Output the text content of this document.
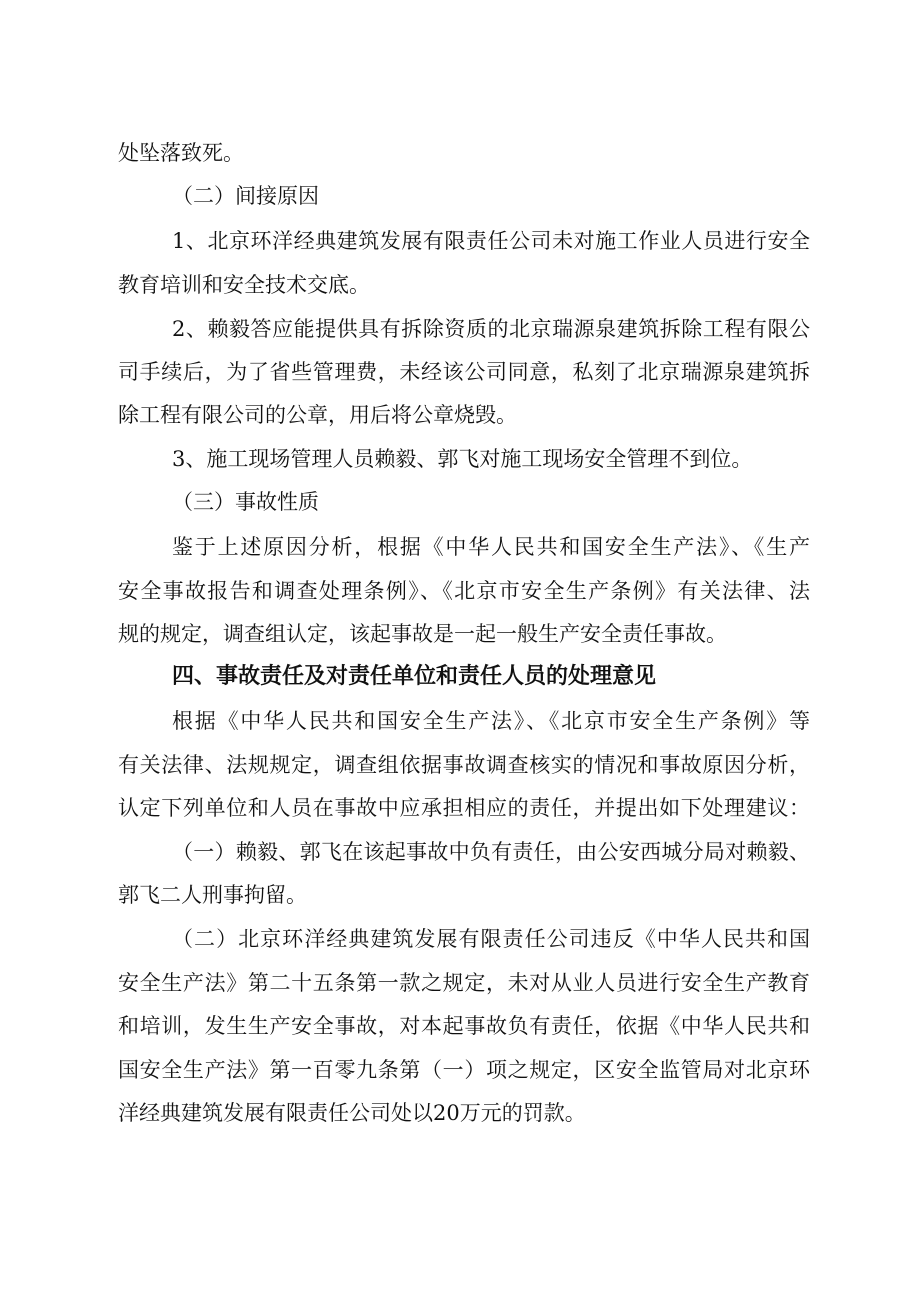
处坠落致死。

（二）间接原因

1、北京环洋经典建筑发展有限责任公司未对施工作业人员进行安全

教育培训和安全技术交底。

2、赖毅答应能提供具有拆除资质的北京瑞源泉建筑拆除工程有限公

司手续后，为了省些管理费，未经该公司同意，私刻了北京瑞源泉建筑拆

除工程有限公司的公章，用后将公章烧毁。

3、施工现场管理人员赖毅、郭飞对施工现场安全管理不到位。

（三）事故性质

鉴于上述原因分析，根据《中华人民共和国安全生产法》、《生产

安全事故报告和调查处理条例》、《北京市安全生产条例》有关法律、法

规的规定，调查组认定，该起事故是一起一般生产安全责任事故。

四、事故责任及对责任单位和责任人员的处理意见

根据《中华人民共和国安全生产法》、《北京市安全生产条例》等

有关法律、法规规定，调查组依据事故调查核实的情况和事故原因分析，

认定下列单位和人员在事故中应承担相应的责任，并提出如下处理建议：

（一）赖毅、郭飞在该起事故中负有责任，由公安西城分局对赖毅、

郭飞二人刑事拘留。

（二）北京环洋经典建筑发展有限责任公司违反《中华人民共和国

安全生产法》第二十五条第一款之规定，未对从业人员进行安全生产教育

和培训，发生生产安全事故，对本起事故负有责任，依据《中华人民共和

国安全生产法》第一百零九条第（一）项之规定，区安全监管局对北京环

洋经典建筑发展有限责任公司处以20万元的罚款。
